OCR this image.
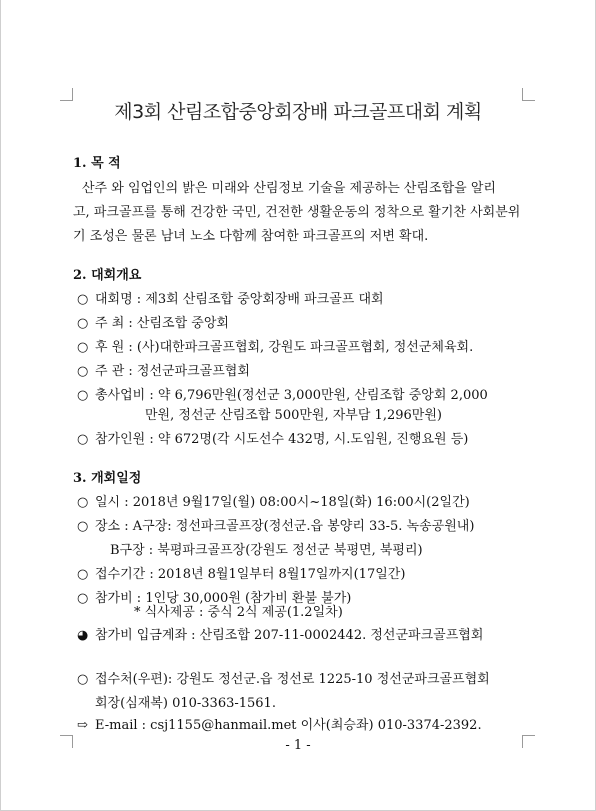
제3회 산림조합중앙회장배 파크골프대회 계획
1. 목 적
산주 와 임업인의 밝은 미래와 산림정보 기술을 제공하는 산림조합을 알리
고, 파크골프를 통해 건강한 국민, 건전한 생활운동의 정착으로 활기찬 사회분위
기 조성은 물론 남녀 노소 다함께 참여한 파크골프의 저변 확대.
2. 대회개요
○ 대회명 : 제3회 산림조합 중앙회장배 파크골프 대회
○ 주 최 : 산림조합 중앙회
○ 후 원 : (사)대한파크골프협회, 강원도 파크골프협회, 정선군체육회.
○ 주 관 : 정선군파크골프협회
○ 총사업비 : 약 6,796만원(정선군 3,000만원, 산림조합 중앙회 2,000
만원, 정선군 산림조합 500만원, 자부담 1,296만원)
○ 참가인원 : 약 672명(각 시도선수 432명, 시.도임원, 진행요원 등)
3. 개회일정
○ 일시 : 2018년 9월17일(월) 08:00시~18일(화) 16:00시(2일간)
○ 장소 : A구장: 정선파크골프장(정선군.읍 봉양리 33-5. 녹송공원내)
B구장 : 북평파크골프장(강원도 정선군 북평면, 북평리)
○ 접수기간 : 2018년 8월1일부터 8월17일까지(17일간)
○ 참가비 : 1인당 30,000원 (참가비 환불 불가)
* 식사제공 : 중식 2식 제공(1.2일차)
◕ 참가비 입금계좌 : 산림조합 207-11-0002442. 정선군파크골프협회
○ 접수처(우편): 강원도 정선군.읍 정선로 1225-10 정선군파크골프협회
회장(심재복) 010-3363-1561.
⇨ E-mail : csj1155@hanmail.met 이사(최승좌) 010-3374-2392.
- 1 -
